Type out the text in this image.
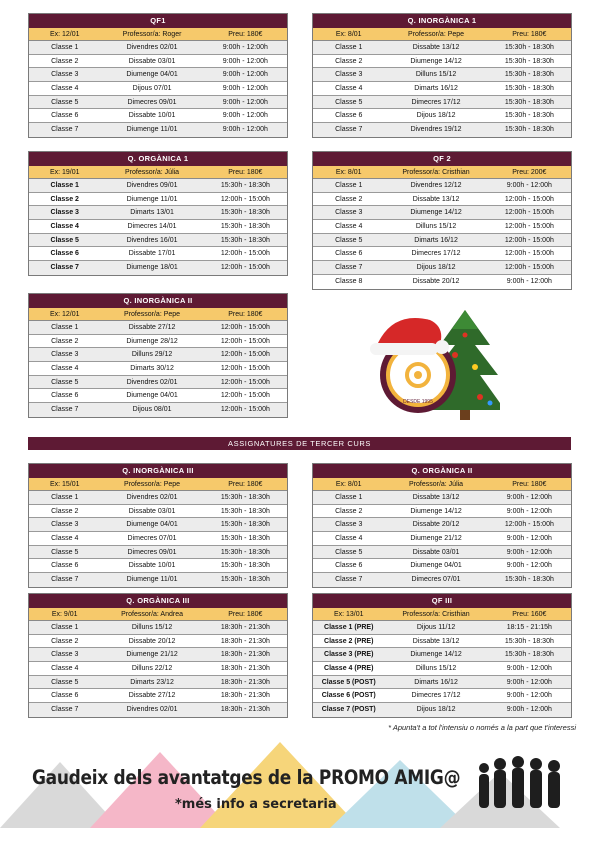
QF1
Ex: 12/01	Professor/a: Roger	Preu: 180€
Classe 1	Divendres 02/01	9:00h - 12:00h
Classe 2	Dissabte 03/01	9:00h - 12:00h
Classe 3	Diumenge 04/01	9:00h - 12:00h
Classe 4	Dijous 07/01	9:00h - 12:00h
Classe 5	Dimecres 09/01	9:00h - 12:00h
Classe 6	Dissabte 10/01	9:00h - 12:00h
Classe 7	Diumenge 11/01	9:00h - 12:00h
Q. INORGÀNICA 1
Ex: 8/01	Professor/a: Pepe	Preu: 180€
Classe 1	Dissabte 13/12	15:30h - 18:30h
Classe 2	Diumenge 14/12	15:30h - 18:30h
Classe 3	Dilluns 15/12	15:30h - 18:30h
Classe 4	Dimarts 16/12	15:30h - 18:30h
Classe 5	Dimecres 17/12	15:30h - 18:30h
Classe 6	Dijous 18/12	15:30h - 18:30h
Classe 7	Divendres 19/12	15:30h - 18:30h
Q. ORGÀNICA 1
Ex: 19/01	Professor/a: Júlia	Preu: 180€
Classe 1	Divendres 09/01	15:30h - 18:30h
Classe 2	Diumenge 11/01	12:00h - 15:00h
Classe 3	Dimarts 13/01	15:30h - 18:30h
Classe 4	Dimecres 14/01	15:30h - 18:30h
Classe 5	Divendres 16/01	15:30h - 18:30h
Classe 6	Dissabte 17/01	12:00h - 15:00h
Classe 7	Diumenge 18/01	12:00h - 15:00h
QF 2
Ex: 8/01	Professor/a: Cristhian	Preu: 200€
Classe 1	Divendres 12/12	9:00h - 12:00h
Classe 2	Dissabte 13/12	12:00h - 15:00h
Classe 3	Diumenge 14/12	12:00h - 15:00h
Classe 4	Dilluns 15/12	12:00h - 15:00h
Classe 5	Dimarts 16/12	12:00h - 15:00h
Classe 6	Dimecres 17/12	12:00h - 15:00h
Classe 7	Dijous 18/12	12:00h - 15:00h
Classe 8	Dissabte 20/12	9:00h - 12:00h
Q. INORGÀNICA II
Ex: 12/01	Professor/a: Pepe	Preu: 180€
Classe 1	Dissabte 27/12	12:00h - 15:00h
Classe 2	Diumenge 28/12	12:00h - 15:00h
Classe 3	Dilluns 29/12	12:00h - 15:00h
Classe 4	Dimarts 30/12	12:00h - 15:00h
Classe 5	Divendres 02/01	12:00h - 15:00h
Classe 6	Diumenge 04/01	12:00h - 15:00h
Classe 7	Dijous 08/01	12:00h - 15:00h
Q. INORGÀNICA III
Ex: 15/01	Professor/a: Pepe	Preu: 180€
Classe 1	Divendres 02/01	15:30h - 18:30h
Classe 2	Dissabte 03/01	15:30h - 18:30h
Classe 3	Diumenge 04/01	15:30h - 18:30h
Classe 4	Dimecres 07/01	15:30h - 18:30h
Classe 5	Dimecres 09/01	15:30h - 18:30h
Classe 6	Dissabte 10/01	15:30h - 18:30h
Classe 7	Diumenge 11/01	15:30h - 18:30h
Q. ORGÀNICA II
Ex: 8/01	Professor/a: Júlia	Preu: 180€
Classe 1	Dissabte 13/12	9:00h - 12:00h
Classe 2	Diumenge 14/12	9:00h - 12:00h
Classe 3	Dissabte 20/12	12:00h - 15:00h
Classe 4	Diumenge 21/12	9:00h - 12:00h
Classe 5	Dissabte 03/01	9:00h - 12:00h
Classe 6	Diumenge 04/01	9:00h - 12:00h
Classe 7	Dimecres 07/01	15:30h - 18:30h
Q. ORGÀNICA III
Ex: 9/01	Professor/a: Andrea	Preu: 180€
Classe 1	Dilluns 15/12	18:30h - 21:30h
Classe 2	Dissabte 20/12	18:30h - 21:30h
Classe 3	Diumenge 21/12	18:30h - 21:30h
Classe 4	Dilluns 22/12	18:30h - 21:30h
Classe 5	Dimarts 23/12	18:30h - 21:30h
Classe 6	Dissabte 27/12	18:30h - 21:30h
Classe 7	Divendres 02/01	18:30h - 21:30h
QF III
Ex: 13/01	Professor/a: Cristhian	Preu: 160€
Classe 1 (PRE)	Dijous 11/12	18:15 - 21:15h
Classe 2 (PRE)	Dissabte 13/12	15:30h - 18:30h
Classe 3 (PRE)	Diumenge 14/12	15:30h - 18:30h
Classe 4 (PRE)	Dilluns 15/12	9:00h - 12:00h
Classe 5 (POST)	Dimarts 16/12	9:00h - 12:00h
Classe 6 (POST)	Dimecres 17/12	9:00h - 12:00h
Classe 7 (POST)	Dijous 18/12	9:00h - 12:00h
DESDE 1995
ASSIGNATURES DE TERCER CURS
* Apunta't a tot l'intensiu o només a la part que t'interessi
Gaudeix dels avantatges de la PROMO AMIG@
*més info a secretaria
